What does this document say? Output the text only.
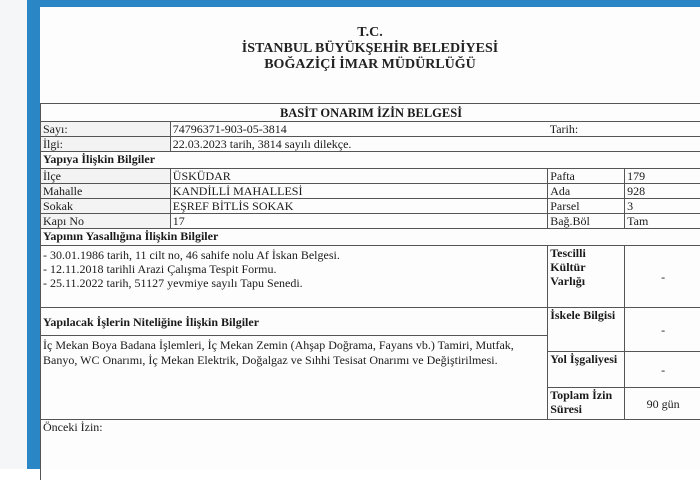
T.C.
İSTANBUL BÜYÜKŞEHİR BELEDİYESİ
BOĞAZİÇİ İMAR MÜDÜRLÜĞÜ
BASİT ONARIM İZİN BELGESİ			
Sayı:	74796371-903-05-3814	Tarih:	
İlgi:	22.03.2023 tarih, 3814 sayılı dilekçe.		
Yapıya İlişkin Bilgiler			
İlçe	ÜSKÜDAR	Pafta	179
Mahalle	KANDİLLİ MAHALLESİ	Ada	928
Sokak	EŞREF BİTLİS SOKAK	Parsel	3
Kapı No	17	Bağ.Böl	Tam
Yapının Yasallığına İlişkin Bilgiler			

- 30.01.1986 tarih, 11 cilt no, 46 sahife nolu Af İskan Belgesi.
- 12.11.2018 tarihli Arazi Çalışma Tespit Formu.
- 25.11.2022 tarih, 51127 yevmiye sayılı Tapu Senedi.		Tescilli Kültür Varlığı	-
Yapılacak İşlerin Niteliğine İlişkin Bilgiler		İskele Bilgisi	-
İç Mekan Boya Badana İşlemleri, İç Mekan Zemin (Ahşap Doğrama, Fayans vb.) Tamiri, Mutfak, Banyo, WC Onarımı, İç Mekan Elektrik, Doğalgaz ve Sıhhi Tesisat Onarımı ve Değiştirilmesi.			
		Yol İşgaliyesi	-
		Toplam İzin Süresi	90 gün
Önceki İzin:			
